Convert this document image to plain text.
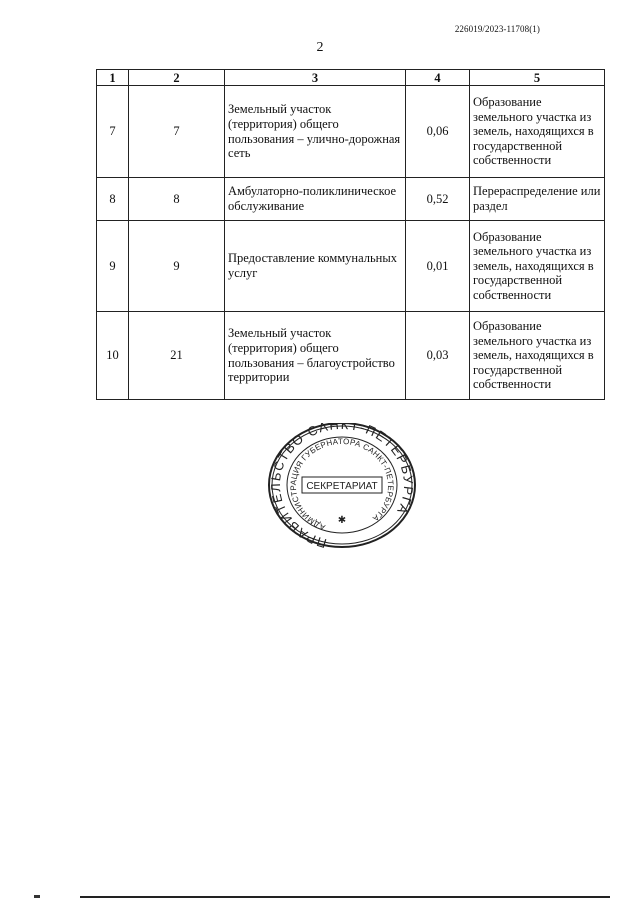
226019/2023-11708(1)
2
1	2	3	4	5
7	7	Земельный участок (территория) общего пользования – улично-дорожная сеть	0,06	Образование земельного участка из земель, находящихся в государственной собственности
8	8	Амбулаторно-поликлиническое обслуживание	0,52	Перераспределение или раздел
9	9	Предоставление коммунальных услуг	0,01	Образование земельного участка из земель, находящихся в государственной собственности
10	21	Земельный участок (территория) общего пользования – благоустройство территории	0,03	Образование земельного участка из земель, находящихся в государственной собственности
ПРАВИТЕЛЬСТВО САНКТ-ПЕТЕРБУРГА
АДМИНИСТРАЦИЯ ГУБЕРНАТОРА САНКТ-ПЕТЕРБУРГА
СЕКРЕТАРИАТ
✱
